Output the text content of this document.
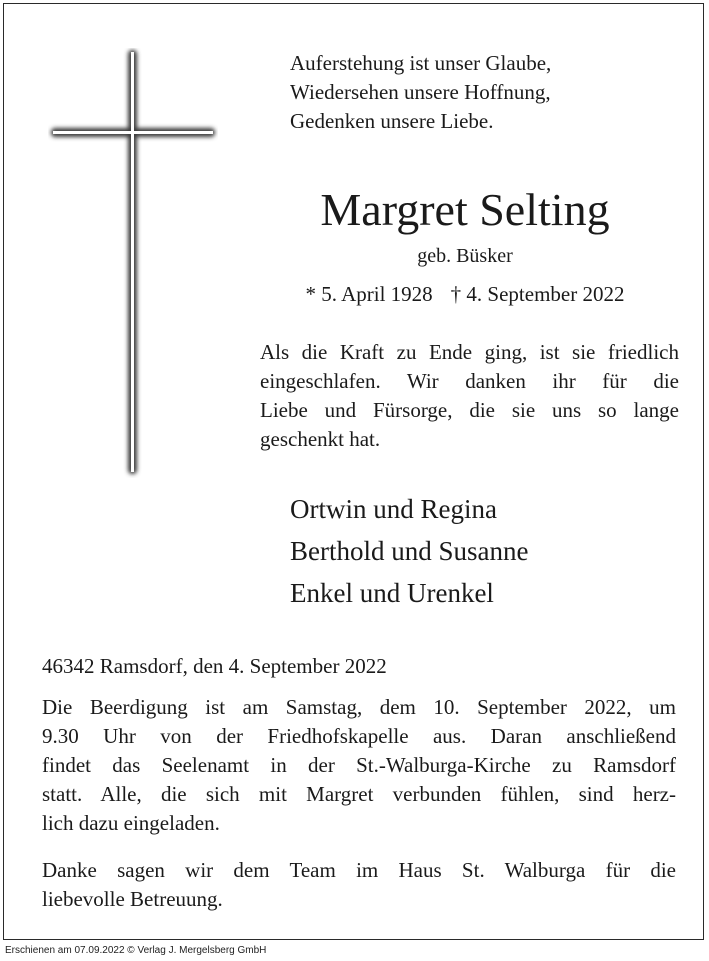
Auferstehung ist unser Glaube,
Wiedersehen unsere Hoffnung,
Gedenken unsere Liebe.
Margret Selting
geb. Büsker
* 5. April 1928 † 4. September 2022
Als die Kraft zu Ende ging, ist sie friedlich
eingeschlafen. Wir danken ihr für die
Liebe und Fürsorge, die sie uns so lange
geschenkt hat.
Ortwin und Regina
Berthold und Susanne
Enkel und Urenkel
46342 Ramsdorf, den 4. September 2022
Die Beerdigung ist am Samstag, dem 10. September 2022, um
9.30 Uhr von der Friedhofskapelle aus. Daran anschließend
findet das Seelenamt in der St.-Walburga-Kirche zu Ramsdorf
statt. Alle, die sich mit Margret verbunden fühlen, sind herz-
lich dazu eingeladen.
Danke sagen wir dem Team im Haus St. Walburga für die
liebevolle Betreuung.
Erschienen am 07.09.2022 © Verlag J. Mergelsberg GmbH
